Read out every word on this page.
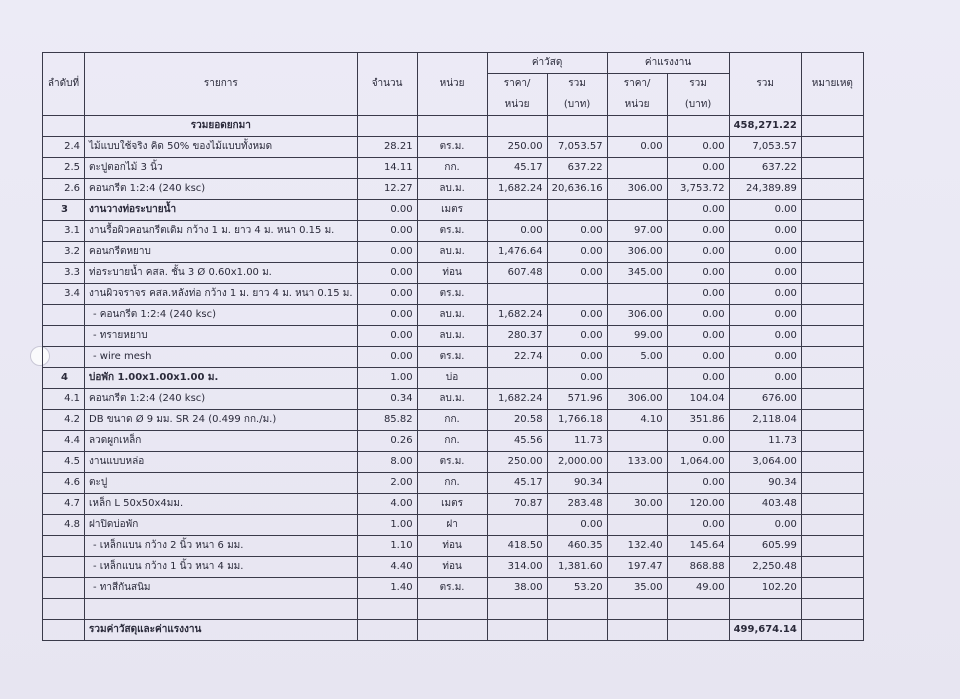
ลำดับที่	รายการ	จำนวน	หน่วย	ค่าวัสดุ		ค่าแรงงาน		รวม	หมายเหตุ
				ราคา/	รวม	ราคา/	รวม		
				หน่วย	(บาท)	หน่วย	(บาท)		
	รวมยอดยกมา							458,271.22	
2.4	ไม้แบบใช้จริง คิด 50% ของไม้แบบทั้งหมด	28.21	ตร.ม.	250.00	7,053.57	0.00	0.00	7,053.57	
2.5	ตะปูตอกไม้ 3 นิ้ว	14.11	กก.	45.17	637.22		0.00	637.22	
2.6	คอนกรีต 1:2:4 (240 ksc)	12.27	ลบ.ม.	1,682.24	20,636.16	306.00	3,753.72	24,389.89	
3	งานวางท่อระบายน้ำ	0.00	เมตร				0.00	0.00	
3.1	งานรื้อผิวคอนกรีตเดิม กว้าง 1 ม. ยาว 4 ม. หนา 0.15 ม.	0.00	ตร.ม.	0.00	0.00	97.00	0.00	0.00	
3.2	คอนกรีตหยาบ	0.00	ลบ.ม.	1,476.64	0.00	306.00	0.00	0.00	
3.3	ท่อระบายน้ำ คสล. ชั้น 3 Ø 0.60x1.00 ม.	0.00	ท่อน	607.48	0.00	345.00	0.00	0.00	
3.4	งานผิวจราจร คสล.หลังท่อ กว้าง 1 ม. ยาว 4 ม. หนา 0.15 ม.	0.00	ตร.ม.				0.00	0.00	
	- คอนกรีต 1:2:4 (240 ksc)	0.00	ลบ.ม.	1,682.24	0.00	306.00	0.00	0.00	
	- ทรายหยาบ	0.00	ลบ.ม.	280.37	0.00	99.00	0.00	0.00	
	- wire mesh	0.00	ตร.ม.	22.74	0.00	5.00	0.00	0.00	
4	บ่อพัก 1.00x1.00x1.00 ม.	1.00	บ่อ		0.00		0.00	0.00	
4.1	คอนกรีต 1:2:4 (240 ksc)	0.34	ลบ.ม.	1,682.24	571.96	306.00	104.04	676.00	
4.2	DB ขนาด Ø 9 มม. SR 24 (0.499 กก./ม.)	85.82	กก.	20.58	1,766.18	4.10	351.86	2,118.04	
4.4	ลวดผูกเหล็ก	0.26	กก.	45.56	11.73		0.00	11.73	
4.5	งานแบบหล่อ	8.00	ตร.ม.	250.00	2,000.00	133.00	1,064.00	3,064.00	
4.6	ตะปู	2.00	กก.	45.17	90.34		0.00	90.34	
4.7	เหล็ก L 50x50x4มม.	4.00	เมตร	70.87	283.48	30.00	120.00	403.48	
4.8	ฝาปิดบ่อพัก	1.00	ฝา		0.00		0.00	0.00	
	- เหล็กแบน กว้าง 2 นิ้ว หนา 6 มม.	1.10	ท่อน	418.50	460.35	132.40	145.64	605.99	
	- เหล็กแบน กว้าง 1 นิ้ว หนา 4 มม.	4.40	ท่อน	314.00	1,381.60	197.47	868.88	2,250.48	
	- ทาสีกันสนิม	1.40	ตร.ม.	38.00	53.20	35.00	49.00	102.20	

	รวมค่าวัสดุและค่าแรงงาน							499,674.14	
